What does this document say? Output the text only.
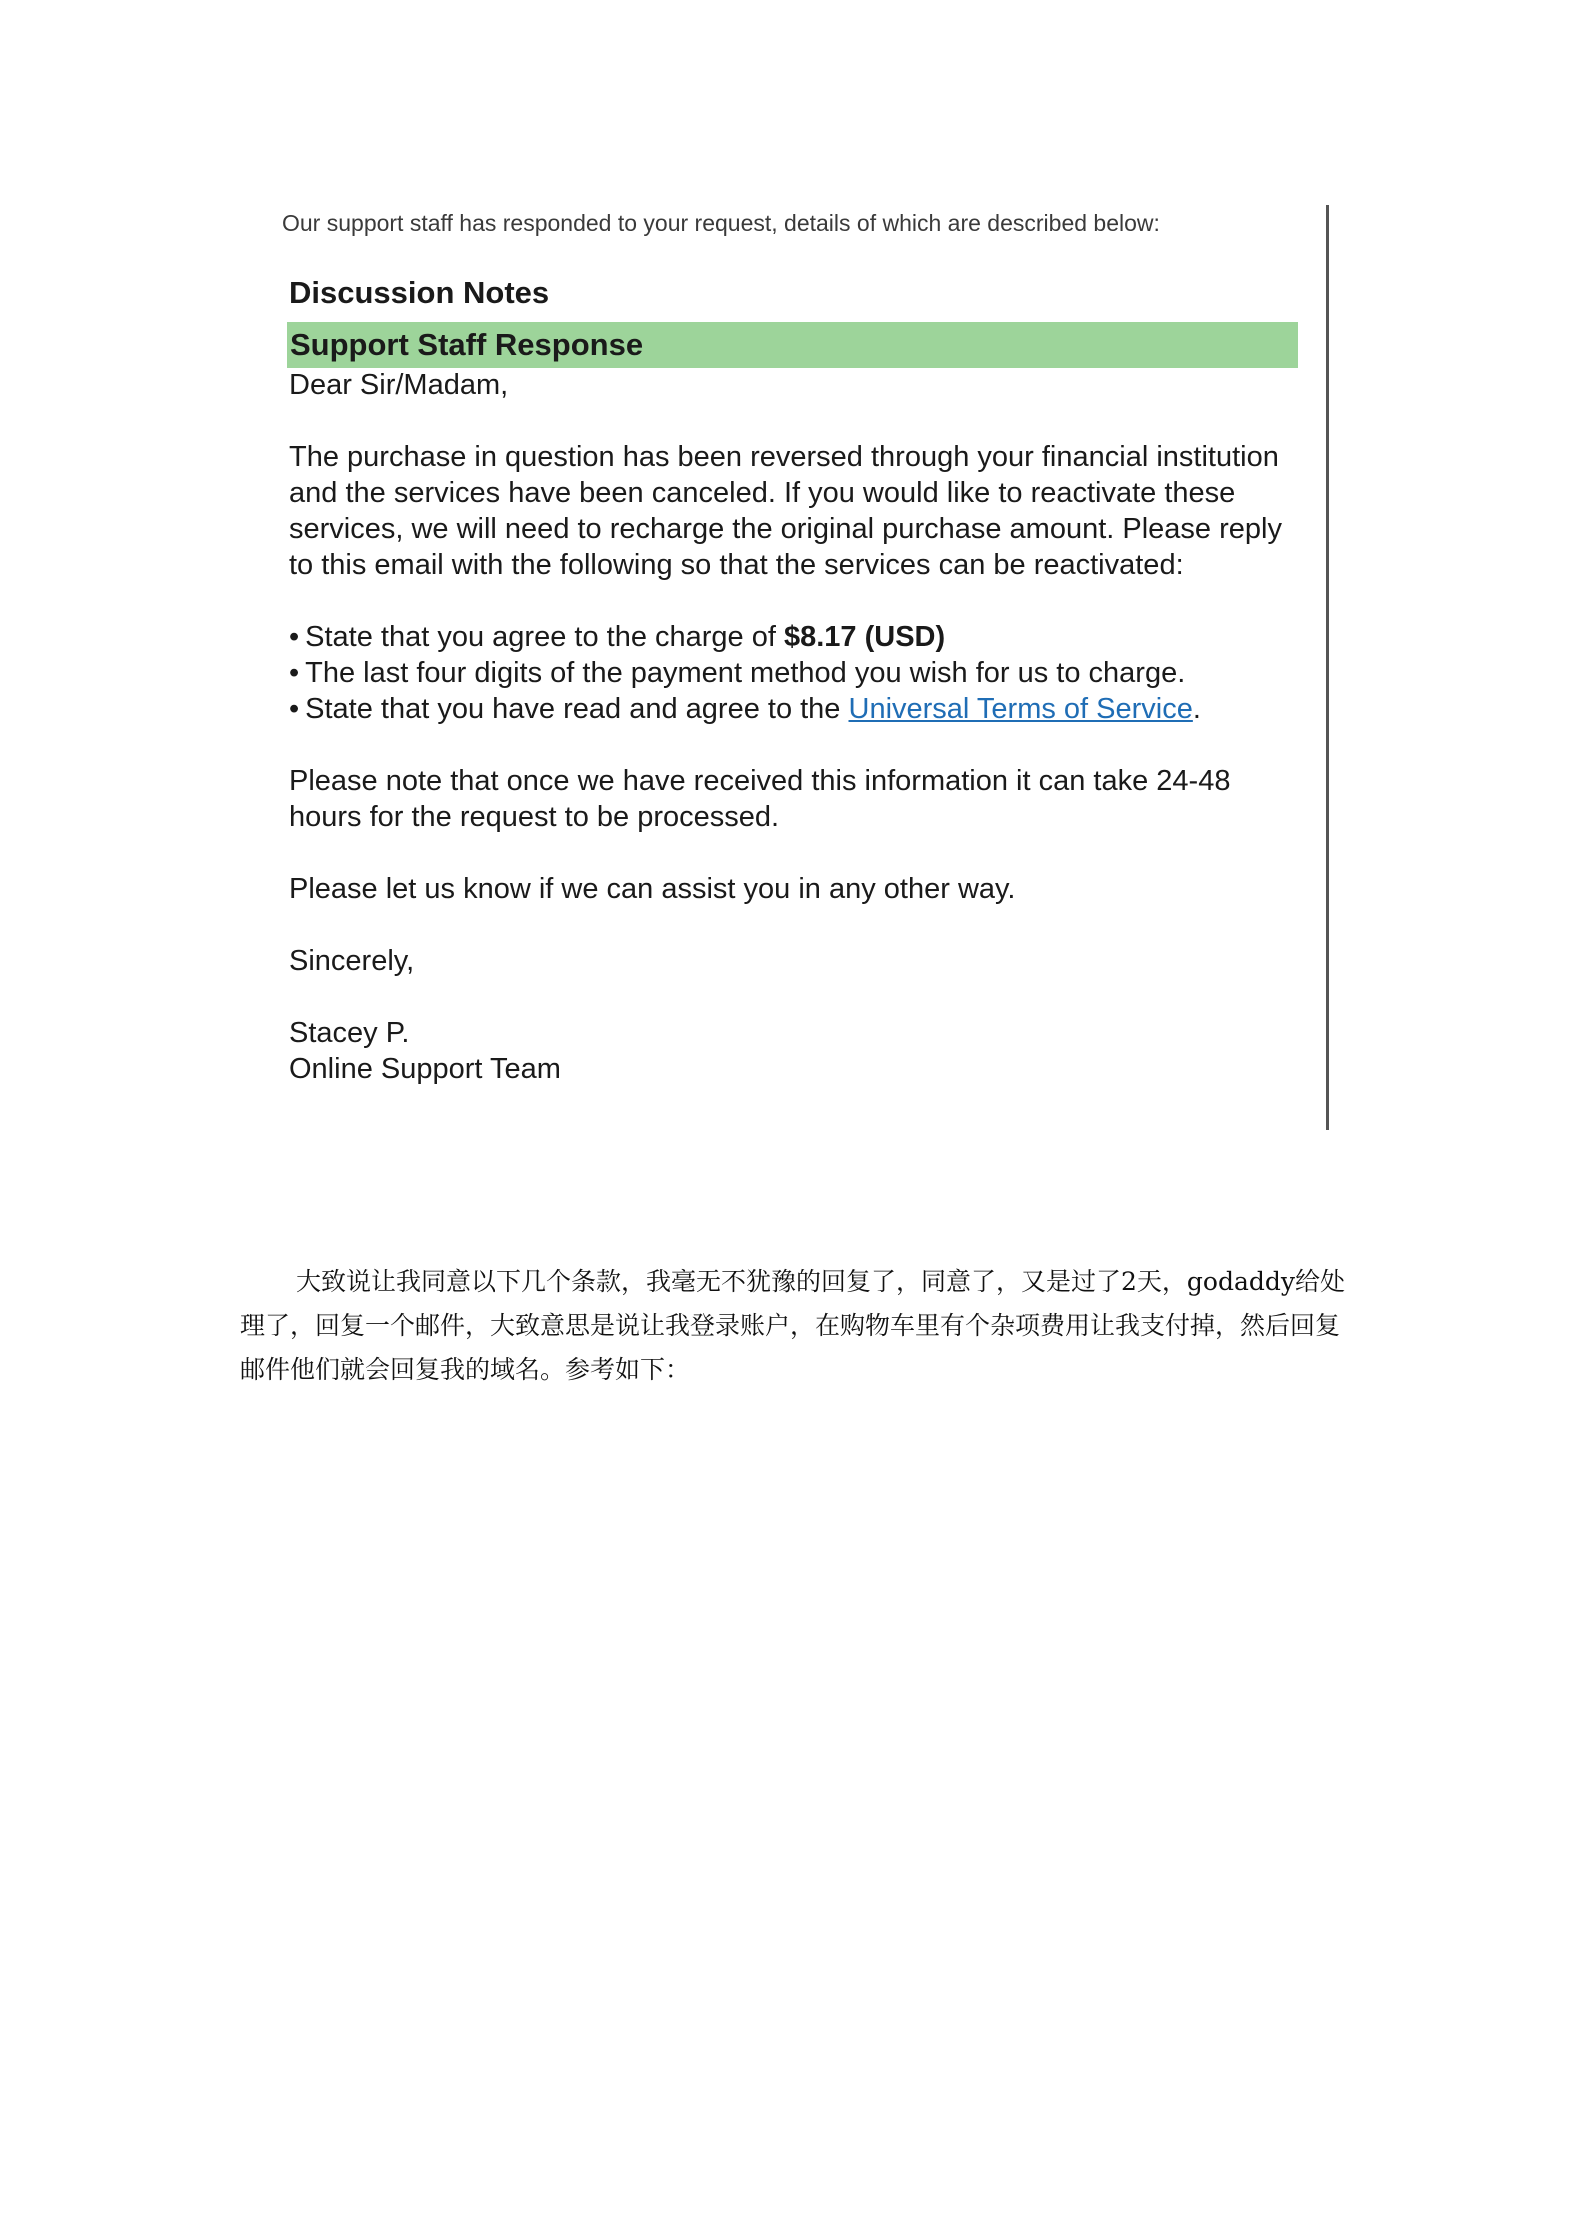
Our support staff has responded to your request, details of which are described below:
Discussion Notes
Support Staff Response

Dear Sir/Madam,

The purchase in question has been reversed through your financial institution and the services have been canceled. If you would like to reactivate these services, we will need to recharge the original purchase amount. Please reply to this email with the following so that the services can be reactivated:

• State that you agree to the charge of $8.17 (USD)
• The last four digits of the payment method you wish for us to charge.
• State that you have read and agree to the Universal Terms of Service.

Please note that once we have received this information it can take 24-48 hours for the request to be processed.

Please let us know if we can assist you in any other way.

Sincerely,

Stacey P.
Online Support Team

大致说让我同意以下几个条款，我毫无不犹豫的回复了，同意了，又是过了2天，godaddy给处理了，回复一个邮件，大致意思是说让我登录账户，在购物车里有个杂项费用让我支付掉，然后回复邮件他们就会回复我的域名。参考如下：
